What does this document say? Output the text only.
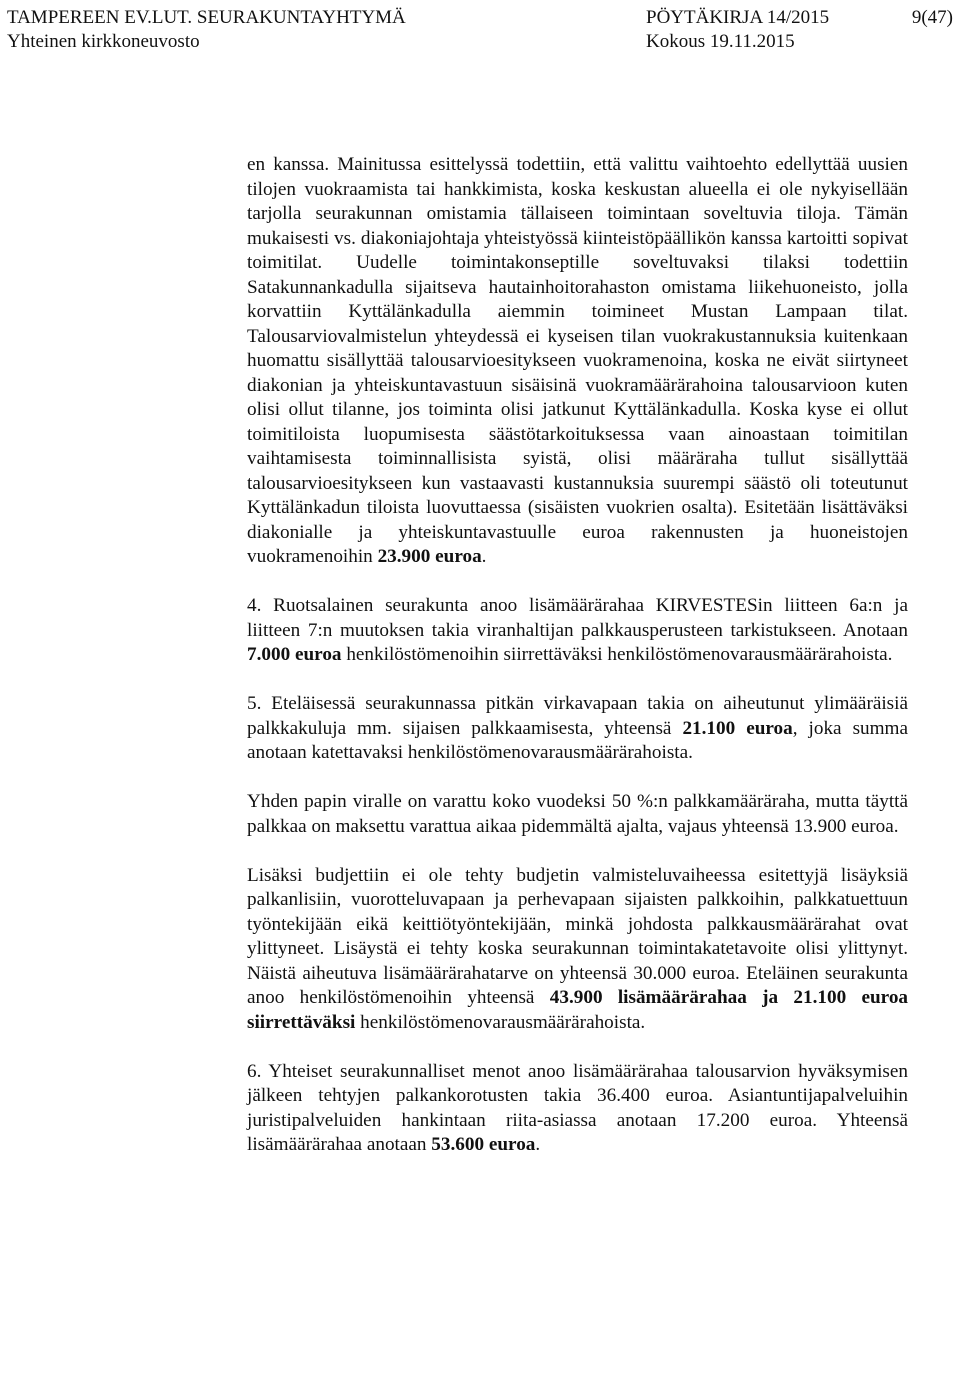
TAMPEREEN EV.LUT. SEURAKUNTAYHTYMÄ	PÖYTÄKIRJA 14/2015	9(47)
Yhteinen kirkkoneuvosto	Kokous 19.11.2015

en kanssa. Mainitussa esittelyssä todettiin, että valittu vaihtoehto edellyttää uusien tilojen vuokraamista tai hankkimista, koska keskustan alueella ei ole nykyisellään tarjolla seurakunnan omistamia tällaiseen toimintaan soveltuvia tiloja. Tämän mukaisesti vs. diakoniajohtaja yhteistyössä kiinteistöpäällikön kanssa kartoitti sopivat toimitilat. Uudelle toimintakonseptille soveltuvaksi tilaksi todettiin Satakunnankadulla sijaitseva hautainhoitorahaston omistama liikehuoneisto, jolla korvattiin Kyttälänkadulla aiemmin toimineet Mustan Lampaan tilat. Talousarviovalmistelun yhteydessä ei kyseisen tilan vuokrakustannuksia kuitenkaan huomattu sisällyttää talousarvioesitykseen vuokramenoina, koska ne eivät siirtyneet diakonian ja yhteiskuntavastuun sisäisinä vuokramäärärahoina talousarvioon kuten olisi ollut tilanne, jos toiminta olisi jatkunut Kyttälänkadulla. Koska kyse ei ollut toimitiloista luopumisesta säästötarkoituksessa vaan ainoastaan toimitilan vaihtamisesta toiminnallisista syistä, olisi määräraha tullut sisällyttää talousarvioesitykseen kun vastaavasti kustannuksia suurempi säästö oli toteutunut Kyttälänkadun tiloista luovuttaessa (sisäisten vuokrien osalta). Esitetään lisättäväksi diakonialle ja yhteiskuntavastuulle euroa rakennusten ja huoneistojen vuokramenoihin 23.900 euroa.

4. Ruotsalainen seurakunta anoo lisämäärärahaa KIRVESTESin liitteen 6a:n ja liitteen 7:n muutoksen takia viranhaltijan palkkausperusteen tarkistukseen. Anotaan 7.000 euroa henkilöstömenoihin siirrettäväksi henkilöstömenovarausmäärärahoista.

5. Eteläisessä seurakunnassa pitkän virkavapaan takia on aiheutunut ylimääräisiä palkkakuluja mm. sijaisen palkkaamisesta, yhteensä 21.100 euroa, joka summa anotaan katettavaksi henkilöstömenovarausmäärärahoista.

Yhden papin viralle on varattu koko vuodeksi 50 %:n palkkamääräraha, mutta täyttä palkkaa on maksettu varattua aikaa pidemmältä ajalta, vajaus yhteensä 13.900 euroa.

Lisäksi budjettiin ei ole tehty budjetin valmisteluvaiheessa esitettyjä lisäyksiä palkanlisiin, vuorotteluvapaan ja perhevapaan sijaisten palkkoihin, palkkatuettuun työntekijään eikä keittiötyöntekijään, minkä johdosta palkkausmäärärahat ovat ylittyneet. Lisäystä ei tehty koska seurakunnan toimintakatetavoite olisi ylittynyt. Näistä aiheutuva lisämäärärahatarve on yhteensä 30.000 euroa. Eteläinen seurakunta anoo henkilöstömenoihin yhteensä 43.900 lisämäärärahaa ja 21.100 euroa siirrettäväksi henkilöstömenovarausmäärärahoista.

6. Yhteiset seurakunnalliset menot anoo lisämäärärahaa talousarvion hyväksymisen jälkeen tehtyjen palkankorotusten takia 36.400 euroa. Asiantuntijapalveluihin juristipalveluiden hankintaan riita-asiassa anotaan 17.200 euroa. Yhteensä lisämäärärahaa anotaan 53.600 euroa.
